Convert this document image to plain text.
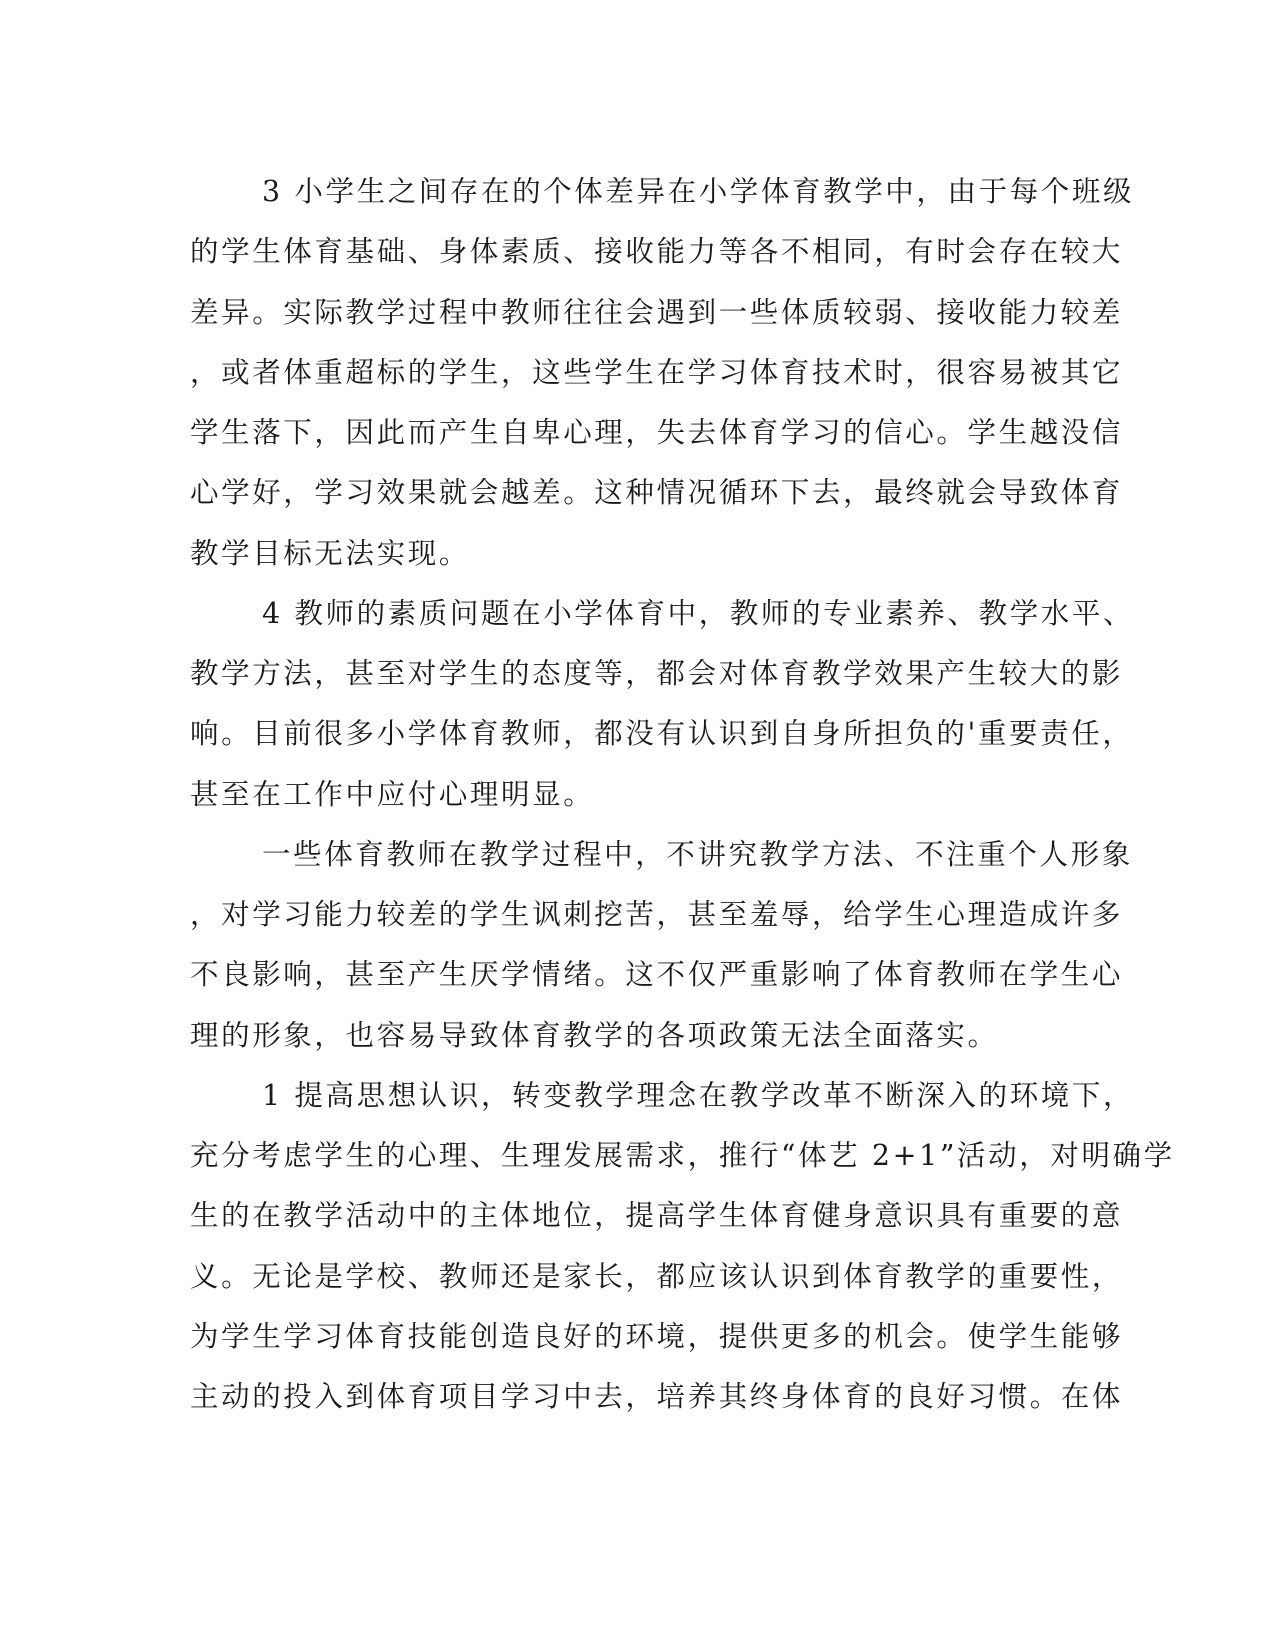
3 小学生之间存在的个体差异在小学体育教学中，由于每个班级
的学生体育基础、身体素质、接收能力等各不相同，有时会存在较大
差异。实际教学过程中教师往往会遇到一些体质较弱、接收能力较差
，或者体重超标的学生，这些学生在学习体育技术时，很容易被其它
学生落下，因此而产生自卑心理，失去体育学习的信心。学生越没信
心学好，学习效果就会越差。这种情况循环下去，最终就会导致体育
教学目标无法实现。
4 教师的素质问题在小学体育中，教师的专业素养、教学水平、
教学方法，甚至对学生的态度等，都会对体育教学效果产生较大的影
响。目前很多小学体育教师，都没有认识到自身所担负的'重要责任，
甚至在工作中应付心理明显。
一些体育教师在教学过程中，不讲究教学方法、不注重个人形象
，对学习能力较差的学生讽刺挖苦，甚至羞辱，给学生心理造成许多
不良影响，甚至产生厌学情绪。这不仅严重影响了体育教师在学生心
理的形象，也容易导致体育教学的各项政策无法全面落实。
1 提高思想认识，转变教学理念在教学改革不断深入的环境下，
充分考虑学生的心理、生理发展需求，推行“体艺 2+1”活动，对明确学
生的在教学活动中的主体地位，提高学生体育健身意识具有重要的意
义。无论是学校、教师还是家长，都应该认识到体育教学的重要性，
为学生学习体育技能创造良好的环境，提供更多的机会。使学生能够
主动的投入到体育项目学习中去，培养其终身体育的良好习惯。在体
